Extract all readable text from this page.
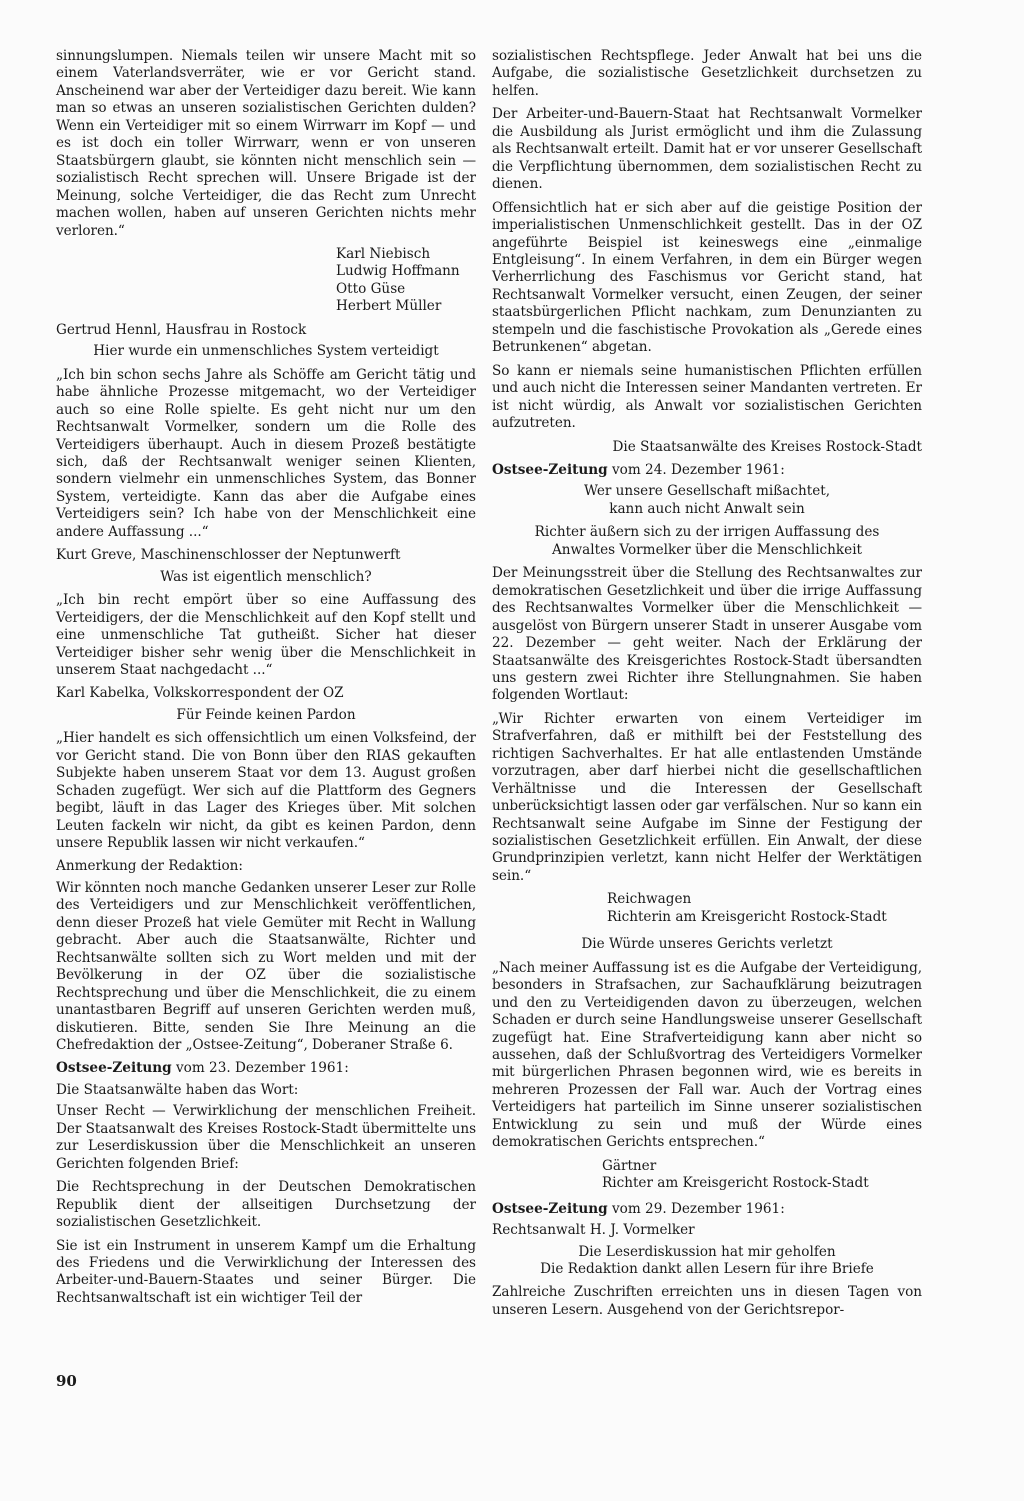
sinnungslumpen. Niemals teilen wir unsere Macht mit so einem Vaterlandsverräter, wie er vor Gericht stand. Anscheinend war aber der Verteidiger dazu bereit. Wie kann man so etwas an unseren sozialistischen Gerichten dulden? Wenn ein Verteidiger mit so einem Wirrwarr im Kopf — und es ist doch ein toller Wirrwarr, wenn er von unseren Staatsbürgern glaubt, sie könnten nicht menschlich sein — sozialistisch Recht sprechen will. Unsere Brigade ist der Meinung, solche Verteidiger, die das Recht zum Unrecht machen wollen, haben auf unseren Gerichten nichts mehr verloren.“

Karl Niebisch
Ludwig Hoffmann
Otto Güse
Herbert Müller
Gertrud Hennl, Hausfrau in Rostock
Hier wurde ein unmenschliches System verteidigt

„Ich bin schon sechs Jahre als Schöffe am Gericht tätig und habe ähnliche Prozesse mitgemacht, wo der Verteidiger auch so eine Rolle spielte. Es geht nicht nur um den Rechtsanwalt Vormelker, sondern um die Rolle des Verteidigers überhaupt. Auch in diesem Prozeß bestätigte sich, daß der Rechtsanwalt weniger seinen Klienten, sondern vielmehr ein unmenschliches System, das Bonner System, verteidigte. Kann das aber die Aufgabe eines Verteidigers sein? Ich habe von der Menschlichkeit eine andere Auffassung ...“

Kurt Greve, Maschinenschlosser der Neptunwerft
Was ist eigentlich menschlich?

„Ich bin recht empört über so eine Auffassung des Verteidigers, der die Menschlichkeit auf den Kopf stellt und eine unmenschliche Tat gutheißt. Sicher hat dieser Verteidiger bisher sehr wenig über die Menschlichkeit in unserem Staat nachgedacht ...“

Karl Kabelka, Volkskorrespondent der OZ
Für Feinde keinen Pardon

„Hier handelt es sich offensichtlich um einen Volksfeind, der vor Gericht stand. Die von Bonn über den RIAS gekauften Subjekte haben unserem Staat vor dem 13. August großen Schaden zugefügt. Wer sich auf die Plattform des Gegners begibt, läuft in das Lager des Krieges über. Mit solchen Leuten fackeln wir nicht, da gibt es keinen Pardon, denn unsere Republik lassen wir nicht verkaufen.“

Anmerkung der Redaktion:

Wir könnten noch manche Gedanken unserer Leser zur Rolle des Verteidigers und zur Menschlichkeit veröffentlichen, denn dieser Prozeß hat viele Gemüter mit Recht in Wallung gebracht. Aber auch die Staatsanwälte, Richter und Rechtsanwälte sollten sich zu Wort melden und mit der Bevölkerung in der OZ über die sozialistische Rechtsprechung und über die Menschlichkeit, die zu einem unantastbaren Begriff auf unseren Gerichten werden muß, diskutieren. Bitte, senden Sie Ihre Meinung an die Chefredaktion der „Ostsee-Zeitung“, Doberaner Straße 6.

Ostsee-Zeitung vom 23. Dezember 1961:
Die Staatsanwälte haben das Wort:

Unser Recht — Verwirklichung der menschlichen Freiheit. Der Staatsanwalt des Kreises Rostock-Stadt übermittelte uns zur Leserdiskussion über die Menschlichkeit an unseren Gerichten folgenden Brief:

Die Rechtsprechung in der Deutschen Demokratischen Republik dient der allseitigen Durchsetzung der sozialistischen Gesetzlichkeit.

Sie ist ein Instrument in unserem Kampf um die Erhaltung des Friedens und die Verwirklichung der Interessen des Arbeiter-und-Bauern-Staates und seiner Bürger. Die Rechtsanwaltschaft ist ein wichtiger Teil der

sozialistischen Rechtspflege. Jeder Anwalt hat bei uns die Aufgabe, die sozialistische Gesetzlichkeit durchsetzen zu helfen.

Der Arbeiter-und-Bauern-Staat hat Rechtsanwalt Vormelker die Ausbildung als Jurist ermöglicht und ihm die Zulassung als Rechtsanwalt erteilt. Damit hat er vor unserer Gesellschaft die Verpflichtung übernommen, dem sozialistischen Recht zu dienen.

Offensichtlich hat er sich aber auf die geistige Position der imperialistischen Unmenschlichkeit gestellt. Das in der OZ angeführte Beispiel ist keineswegs eine „einmalige Entgleisung“. In einem Verfahren, in dem ein Bürger wegen Verherrlichung des Faschismus vor Gericht stand, hat Rechtsanwalt Vormelker versucht, einen Zeugen, der seiner staatsbürgerlichen Pflicht nachkam, zum Denunzianten zu stempeln und die faschistische Provokation als „Gerede eines Betrunkenen“ abgetan.

So kann er niemals seine humanistischen Pflichten erfüllen und auch nicht die Interessen seiner Mandanten vertreten. Er ist nicht würdig, als Anwalt vor sozialistischen Gerichten aufzutreten.

Die Staatsanwälte des Kreises Rostock-Stadt
Ostsee-Zeitung vom 24. Dezember 1961:
Wer unsere Gesellschaft mißachtet,
kann auch nicht Anwalt sein
Richter äußern sich zu der irrigen Auffassung des
Anwaltes Vormelker über die Menschlichkeit

Der Meinungsstreit über die Stellung des Rechtsanwaltes zur demokratischen Gesetzlichkeit und über die irrige Auffassung des Rechtsanwaltes Vormelker über die Menschlichkeit — ausgelöst von Bürgern unserer Stadt in unserer Ausgabe vom 22. Dezember — geht weiter. Nach der Erklärung der Staatsanwälte des Kreisgerichtes Rostock-Stadt übersandten uns gestern zwei Richter ihre Stellungnahmen. Sie haben folgenden Wortlaut:

„Wir Richter erwarten von einem Verteidiger im Strafverfahren, daß er mithilft bei der Feststellung des richtigen Sachverhaltes. Er hat alle entlastenden Umstände vorzutragen, aber darf hierbei nicht die gesellschaftlichen Verhältnisse und die Interessen der Gesellschaft unberücksichtigt lassen oder gar verfälschen. Nur so kann ein Rechtsanwalt seine Aufgabe im Sinne der Festigung der sozialistischen Gesetzlichkeit erfüllen. Ein Anwalt, der diese Grundprinzipien verletzt, kann nicht Helfer der Werktätigen sein.“

Reichwagen
Richterin am Kreisgericht Rostock-Stadt
Die Würde unseres Gerichts verletzt

„Nach meiner Auffassung ist es die Aufgabe der Verteidigung, besonders in Strafsachen, zur Sachaufklärung beizutragen und den zu Verteidigenden davon zu überzeugen, welchen Schaden er durch seine Handlungsweise unserer Gesellschaft zugefügt hat. Eine Strafverteidigung kann aber nicht so aussehen, daß der Schlußvortrag des Verteidigers Vormelker mit bürgerlichen Phrasen begonnen wird, wie es bereits in mehreren Prozessen der Fall war. Auch der Vortrag eines Verteidigers hat parteilich im Sinne unserer sozialistischen Entwicklung zu sein und muß der Würde eines demokratischen Gerichts entsprechen.“

Gärtner
Richter am Kreisgericht Rostock-Stadt
Ostsee-Zeitung vom 29. Dezember 1961:
Rechtsanwalt H. J. Vormelker
Die Leserdiskussion hat mir geholfen
Die Redaktion dankt allen Lesern für ihre Briefe

Zahlreiche Zuschriften erreichten uns in diesen Tagen von unseren Lesern. Ausgehend von der Gerichtsrepor-

90
